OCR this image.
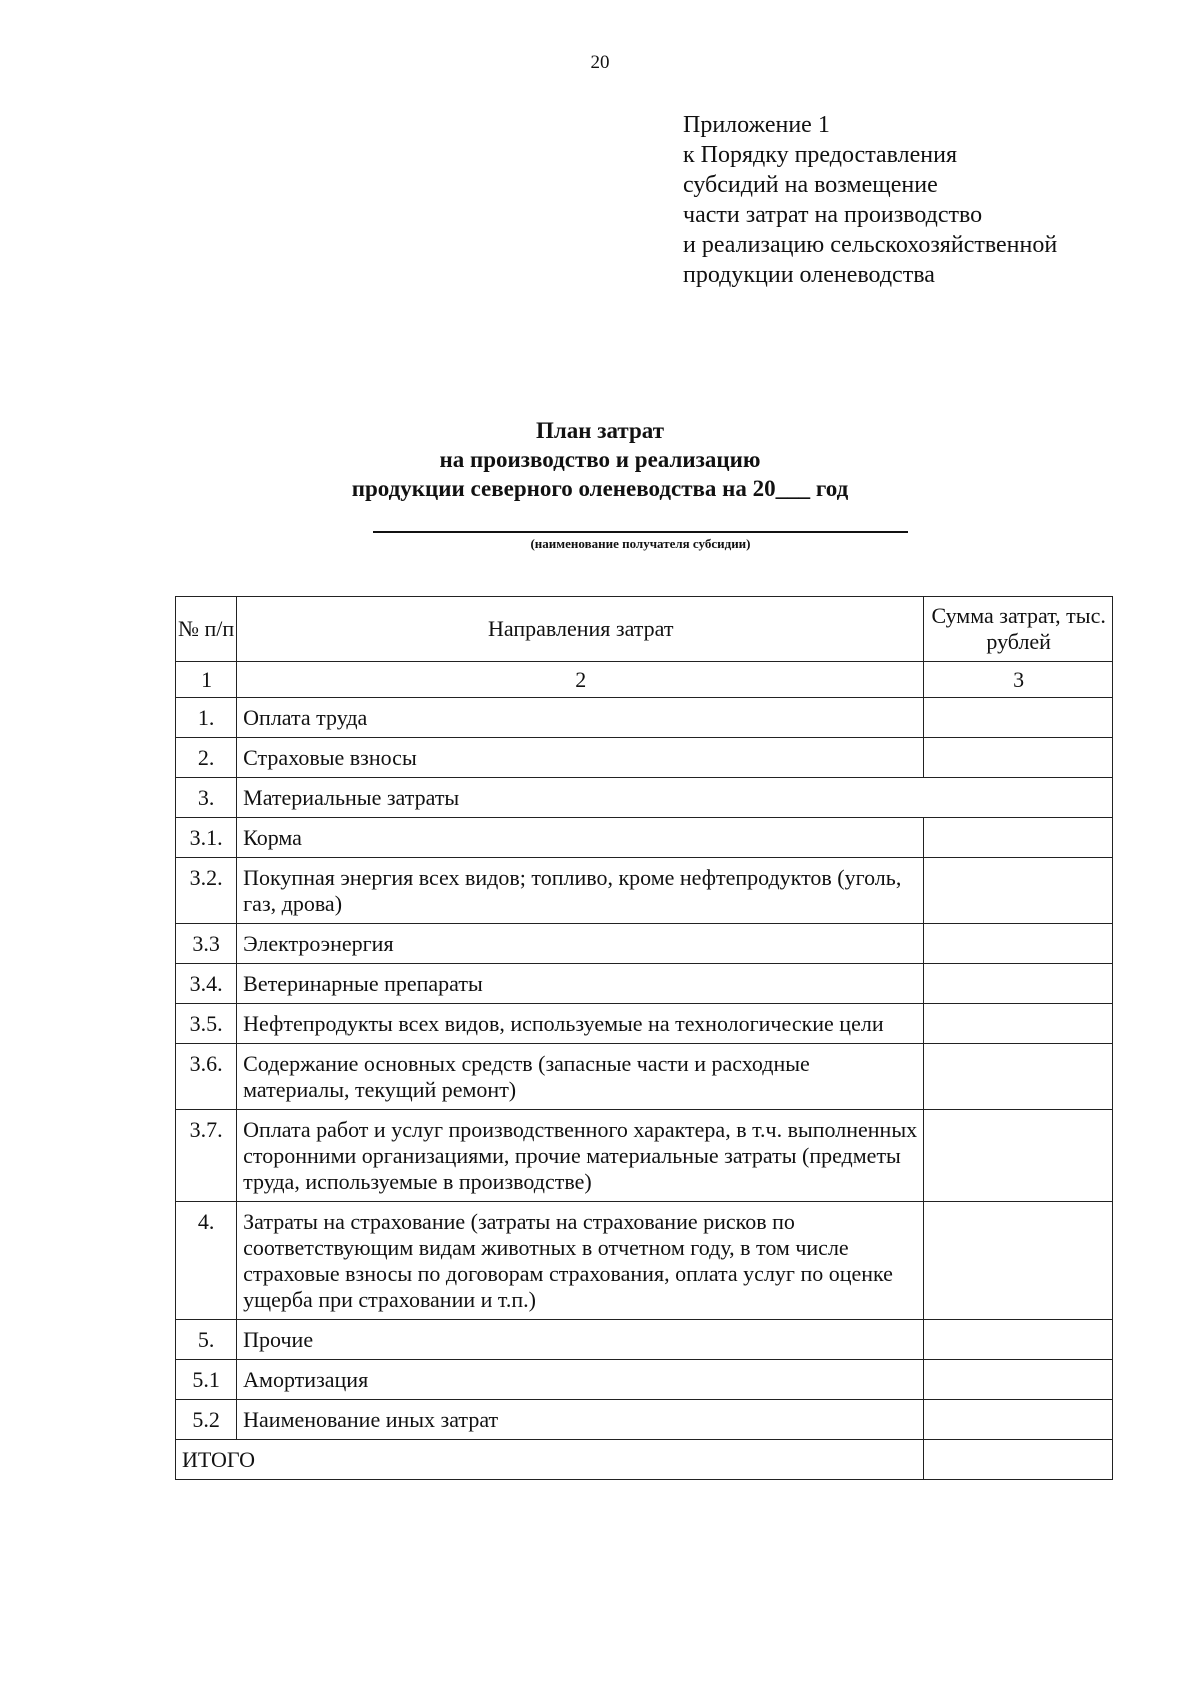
20
Приложение 1
к Порядку предоставления
субсидий на возмещение
части затрат на производство
и реализацию сельскохозяйственной
продукции оленеводства
План затрат
на производство и реализацию
продукции северного оленеводства на 20___ год
(наименование получателя субсидии)
№ п/п	Направления затрат	Сумма затрат, тыс. рублей
1	2	3
1.	Оплата труда	
2.	Страховые взносы	
3.	Материальные затраты	
3.1.	Корма	
3.2.	Покупная энергия всех видов; топливо, кроме нефтепродуктов (уголь, газ, дрова)	
3.3	Электроэнергия	
3.4.	Ветеринарные препараты	
3.5.	Нефтепродукты всех видов, используемые на технологические цели	
3.6.	Содержание основных средств (запасные части и расходные материалы, текущий ремонт)	
3.7.	Оплата работ и услуг производственного характера, в т.ч. выполненных сторонними организациями, прочие материальные затраты (предметы труда, используемые в производстве)	
4.	Затраты на страхование (затраты на страхование рисков по соответствующим видам животных в отчетном году, в том числе страховые взносы по договорам страхования, оплата услуг по оценке ущерба при страховании и т.п.)	
5.	Прочие	
5.1	Амортизация	
5.2	Наименование иных затрат	
ИТОГО		
